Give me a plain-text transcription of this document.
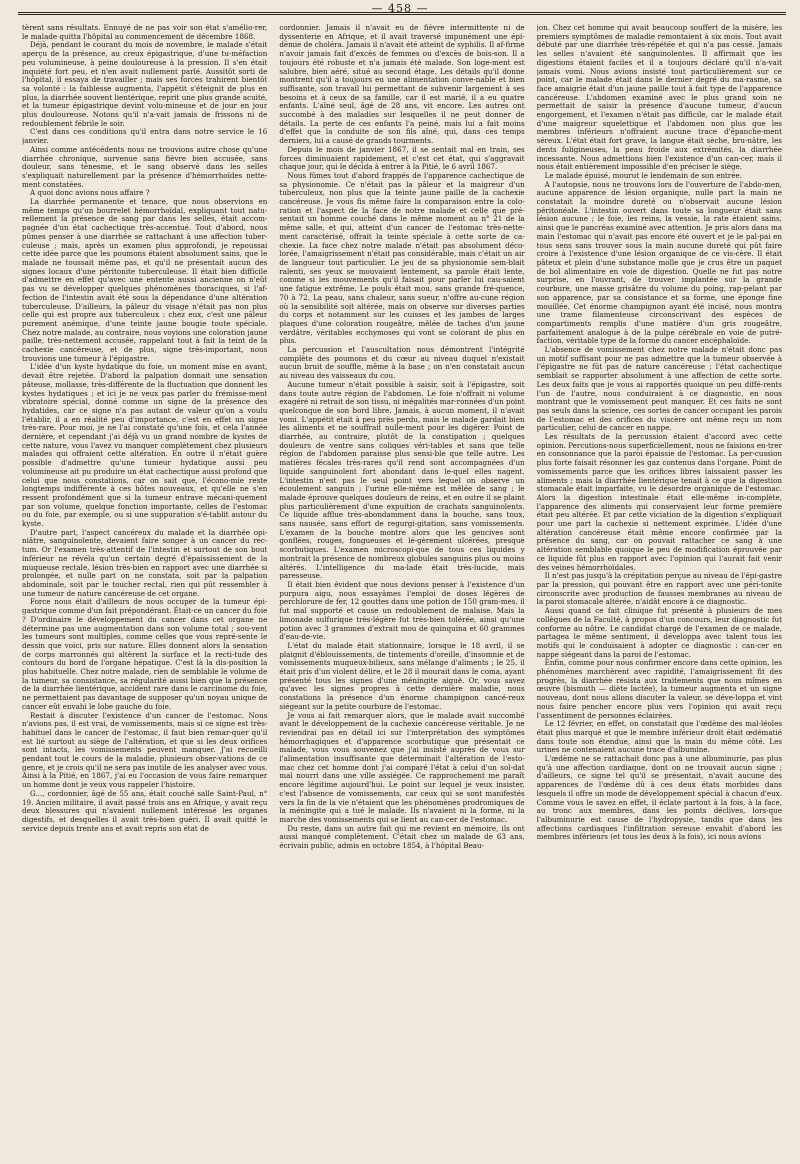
— 458 —

tèrent sans résultats. Ennuyé de ne pas voir son état s'amélio-rer, le malade quitta l'hôpital au commencement de décembre 1868.

Déjà, pendant le courant du mois de novembre, le malade s'était aperçu de la présence, au creux épigastrique, d'une tu-méfaction peu volumineuse, à peine douloureuse à la pression. Il s'en était inquiété fort peu, et n'en avait nullement parlé. Aussitôt sorti de l'hôpital, il essaya de travailler ; mais ses forces trahirent bientôt sa volonté : la faiblesse augmenta, l'appétit s'éteignit de plus en plus, la diarrhée souvent lientérique, reprit une plus grande acuité, et la tumeur épigastrique devint volu-mineuse et de jour en jour plus douloureuse. Notons qu'il n'a-vait jamais de frissons ni de redoublement fébrile le soir.

C'est dans ces conditions qu'il entra dans notre service le 16 janvier.

Ainsi comme antécédents nous ne trouvions autre chose qu'une diarrhée chronique, survenue sans fièvre bien accusée, sans douleur, sans ténesme, et le sang observé dans les selles s'expliquait naturellement par la présence d'hémorrhoïdes nette-ment constatées.

A quoi donc avions nous affaire ?

La diarrhée permanente et tenace, que nous observions en même temps qu'un bourrelet hémorrhoïdal, expliquant tout natu-rellement la présence de sang par dans les selles, était accom-pagnée d'un état cachectique très-accentué. Tout d'abord, nous pûmes penser à une diarrhée se rattachant à une affection tuber-culeuse ; mais, après un examen plus approfondi, je repoussai cette idée parce que les poumons étaient absolument sains, que le malade ne toussait même pas, et qu'il ne présentait aucun des signes locaux d'une péritonite tuberculeuse. Il était bien difficile d'admettre en effet qu'avec une entente aussi ancienne on n'eût pas vu se développer quelques phénomènes thoraciques, si l'af-fection de l'intestin avait été sous la dépendance d'une altération tuberculeuse. D'ailleurs, la pâleur du visage n'était pas non plus celle qui est propre aux tuberculeux : chez eux, c'est une pâleur purement anémique, d'une teinte jaune bougie toute spéciale. Chez notre malade, au contraire, nous voyions une coloration jaune paille, très-nettement accusée, rappelant tout à fait la teint de la cachexie cancéreuse, et de plus, signe très-important, nous trouvions une tumeur à l'épigastre.

L'idée d'un kyste hydatique du foie, un moment mise en avant, devait être rejetée. D'abord la palpation donnait une sensation pâteuse, mollasse, très-différente de la fluctuation que donnent les kystes hydatiques ; et ici je ne veux pas parler du frémisse-ment vibratoire spécial, donné comme un signe de la présence des hydatides, car ce signe n'a pas autant de valeur qu'on a voulu l'établir, il a en réalité peu d'importance, c'est en effet un signe très-rare. Pour moi, je ne l'ai constaté qu'une fois, et cela l'année dernière, et cependant j'ai déjà vu un grand nombre de kystes de cette nature, vous l'avez vu manquer complètement chez plusieurs malades qui offraient cette altération. En outre il n'était guère possible d'admettre qu'une tumeur hydatique aussi peu volumineuse ait pu produire un état cachectique aussi profond que celui que nous constations, car on sait que, l'écono-mie reste longtemps indifférente à ces hôtes nouveaux, et qu'elle ne s'en ressent profondément que si la tumeur entrave mécani-quement par son volume, quelque fonction importante, celles de l'estomac ou du foie, par exemple, ou si une suppuration s'é-tablit autour du kyste.

D'autre part, l'aspect cancéreux du malade et la diarrhée opi-niâtre, sanguinolente, devaient faire songer à un cancer du rec-tum. Or l'examen très-attentif de l'intestin et surtout de son bout inférieur ne révéla qu'un certain degré d'épaississement de la muqueuse rectale, lésion très-bien en rapport avec une diarrhée si prolongée, et nulle part on ne constata, soit par la palpation abdominale, soit par le toucher rectal, rien qui pût ressembler à une tumeur de nature cancéreuse de cet organe.

Force nous était d'ailleurs de nous occuper de la tumeur épi-gastrique comme d'un fait prépondérant. Était-ce un cancer du foie ? D'ordinaire le développement du cancer dans cet organe ne détermine pas une augmentation dans son volume total ; sou-vent les tumeurs sont multiples, comme celles que vous repré-sente le dessin que voici, pris sur nature. Elles donnent alors la sensation de corps marronnés qui altèrent la surface et la recti-tude des contours du bord de l'organe hépatique. C'est là la dis-position la plus habituelle. Chez notre malade, rien de semblable le volume de la tumeur, sa consistance, sa régularité aussi bien que la présence de la diarrhée lientérique, accident rare dans le carcinome du foie, ne permettaient pas davantage de supposer qu'un noyau unique de cancer eût envahi le lobe gauche du foie.

Restait à discuter l'existence d'un cancer de l'estomac. Nous n'avions pas, il est vrai, de vomissements, mais si ce signe est très-habituel dans le cancer de l'estomac, il faut bien remar-quer qu'il est lié surtout au siège de l'altération, et que si les deux orifices sont intacts, les vomissements peuvent manquer. J'ai recueilli pendant tout le cours de la maladie, plusieurs obser-vations de ce genre, et je crois qu'il ne sera pas inutile de les analyser avec vous. Ainsi à la Pitié, en 1867, j'ai eu l'occasion de vous faire remarquer un homme dont je veux vous rappeler l'histoire.

G..., cordonnier, âgé de 55 ans, était couché salle Saint-Paul, n° 19. Ancien militaire, il avait passé trois ans en Afrique, y avait reçu deux blessures qui n'avaient nullement intéressé les organes digestifs, et desquelles il avait très-bien guéri. Il avait quitté le service depuis trente ans et avait repris son état de

cordonnier. Jamais il n'avait eu de fièvre intermittente ni de dyssenterie en Afrique, et il avait traversé impunément une épi-démie de choléra. Jamais il n'avait été atteint de syphilis. Il af-firme n'avoir jamais fait d'excès de femmes ou d'excès de bois-son. Il a toujours été robuste et n'a jamais été malade. Son loge-ment est salubre, bien aéré, situé au second étage. Les détails qu'il donne montrent qu'il a toujours eu une alimentation conve-nable et bien suffisante, son travail lui permettant de subvenir largement à ses besoins et à ceux de sa famille, car il est marié, il a eu quatre enfants. L'aîné seul, âgé de 28 ans, vit encore. Les autres ont succombé à des maladies sur lesquelles il ne peut donner de détails. La perte de ces enfants l'a peiné, mais lui a fait moins d'effet que la conduite de son fils aîné, qui, dans ces temps derniers, lui a causé de grands tourments.

Depuis le mois de janvier 1867, il se sentait mal en train, ses forces diminuaient rapidement, et c'est cet état, qui s'aggravait chaque jour, qui le décida à entrer à la Pitié, le 6 avril 1867.

Nous fûmes tout d'abord frappés de l'apparence cachectique de sa physionomie. Ce n'était pas la pâleur et la maigreur d'un tuberculeux, non plus que la teinte jaune paille de la cachexie cancéreuse. Je vous fis même faire la comparaison entre la colo-ration et l'aspect de la face de notre malade et celle que pré-sentait un homme couché dans le même moment au n° 21 de la même salle, et qui, atteint d'un cancer de l'estomac très-nette-ment caractérisé, offrait la teinte spéciale à cette sorte de ca-chexie. La face chez notre malade n'était pas absolument déco-lorée, l'amaigrissement n'était pas considérable, mais c'était un air de langueur tout particulier. Le jeu de sa physionomie sem-blait ralenti, ses yeux se mouvaient lentement, sa parole était lente, comme si les mouvements qu'il faisait pour parler lui cau-saient une fatigue extrême. Le pouls était mou, sans grande fré-quence, 70 à 72. La peau, sans chaleur, sans sueur, n'offre au-cune région où la sensibilité soit altérée, mais on observe sur diverses parties du corps et notamment sur les cuisses et les jambes de larges plaques d'une coloration rougeâtre, mêlée de taches d'un jaune verdâtre, véritables ecchymoses qui vont se colorant de plus en plus.

La percussion et l'auscultation nous démontrent l'intégrité complète des poumons et du cœur au niveau duquel n'existait aucun bruit de souffle, même à la base ; on n'en constatait aucun au niveau des vaisseaux du cou.

Aucune tumeur n'était possible à saisir, soit à l'épigastre, soit dans toute autre région de l'abdomen. Le foie n'offrait ni volume exagéré ni retrait de son tissu, ni inégalités mar-ronnées d'un point quelconque de son bord libre. Jamais, à aucun moment, il n'avait vomi. L'appétit était à peu près perdu, mais le malade gardait bien les aliments et ne souffrait nulle-ment pour les digérer. Point de diarrhée, au contraire, plutôt de la constipation ; quelques douleurs de ventre sans coliques véri-tables et sans que telle région de l'abdomen paraisse plus sensi-ble que telle autre. Les matières fécales très-rares qu'il rend sont accompagnées d'un liquide sanguinolent fort abondant dans le-quel elles nagent. L'intestin n'est pas le seul point vers lequel on observe un écoulement sanguin ; l'urine elle-même est mêlée de sang ; le malade éprouve quelques douleurs de reins, et en outre il se plaint plus particulièrement d'une expuition de crachats sanguinolents. Ce liquide affluе très-abondamment dans la bouche, sans toux, sans nausée, sans effort de regurgi-gitation, sans vomissements. L'examen de la bouche montre alors que les gencives sont gonflées, rouges, fongueuses et lé-gèrement ulcérées, presque scorbutiques. L'examen microscopi-que de tous ces liquides y montrait la présence de nombreux globules sanguins plus ou moins altérés. L'intelligence du ma-lade était très-lucide, mais paresseuse.

Il était bien évident que nous devions penser à l'existence d'un purpura aigu, nous essayâmes l'emploi de doses légères de perchlorure de fer, 12 gouttes dans une potion de 150 gram-mes, il fut mal supporté et cause un redoublement de malaise. Mais la limonade sulfurique très-légère fut très-bien tolérée, ainsi qu'une potion avec 3 grammes d'extrait mou de quinquina et 60 grammes d'eau-de-vie.

L'état du malade était stationnaire, lorsque le 18 avril, il se plaignit d'éblouissements, de tintements d'oreille, d'insomnie et de vomissements muqueux-bilieux, sans mélange d'aliments ; le 25, il était pris d'un violent délire, et le 28 il mourait dans le coma, ayant présenté tous les signes d'une méningite aiguë. Or, vous savez qu'avec les signes propres à cette dernière maladie, nous constations la présence d'un énorme champignon cancé-reux siégeant sur la petite courbure de l'estomac.

Je vous ai fait remarquer alors, que le malade avait succombé avant le développement de la cachexie cancéreuse véritable. Je ne reviendrai pas en détail ici sur l'interprétation des symptômes hémorrhagiques et d'apparence scorbutique que présentait ce malade, vous vous souvenez que j'ai insisté auprès de vous sur l'alimentation insuffisante que déterminait l'altération de l'esto-mac chez cet homme dont j'ai comparé l'état à celui d'un sol-dat mal nourri dans une ville assiégée. Ce rapprochement me paraît encore légitime aujourd'hui. Le point sur lequel je veux insister, c'est l'absence de vomissements, car ceux qui se sont manifestés vers la fin de la vie n'étaient que les phénomènes prodromiques de la méningite qui a tué le malade. Ils n'avaient ni la forme, ni la marche des vomissements qui se lient au can-cer de l'estomac.

Du reste, dans un autre fait qui me revient en mémoire, ils ont aussi manqué complètement. C'était chez un malade de 63 ans, écrivain public, admis en octobre 1854, à l'hôpital Beau-

jon. Chez cet homme qui avait beaucoup souffert de la misère, les premiers symptômes de maladie remontaient à six mois. Tout avait débuté par une diarrhée très-répétée et qui n'a pas cessé. Jamais les selles n'avaient été sanguinolentes. Il affirmait que les digestions étaient faciles et il a toujours déclaré qu'il n'a-vait jamais vomi. Nous avions insisté tout particulièrement sur ce point, car le malade était dans le dernier degré du ma-rasme, sa face amaigrie était d'un jaune paille tout à fait type de l'apparence cancéreuse. L'abdomen examiné avec le plus grand soin ne permettait de saisir la présence d'aucune tumeur, d'aucun engorgement, et l'examen n'était pas difficile, car le malade était d'une maigreur squelettique et l'abdomen non plus que les membres inférieurs n'offraient aucune trace d'épanche-ment séreux. L'état était fort grave, la langue était sèche, bru-nâtre, les dents fuligineuses, la peau froide aux extrémités, la diarrhée incessante. Nous admettions bien l'existence d'un can-cer, mais il nous était entièrement impossible d'en préciser le siège.

Le malade épuisé, mourut le lendemain de son entrée.

A l'autopsie, nous ne trouvons lors de l'ouverture de l'abdo-men, aucune apparence de lésion organique, nulle part la main ne constatait la moindre dureté ou n'observait aucune lésion péritonéale. L'intestin ouvert dans toute sa longueur était sans lésion aucune ; le foie, les reins, la vessie, la rate étaient sains, ainsi que le pancréas examiné avec attention. Je pris alors dans ma main l'estomac qui n'avait pas encore été ouvert et je le pal-pai en tous sens sans trouver sous la main aucune dureté qui pût faire croire à l'existence d'une lésion organique de ce vis-cère. Il était pâteux et plein d'une substance molle que je crus être un paquet de bol alimentaire en voie de digestion. Quelle ne fut pas notre surprise, en l'ouvrant, de trouver implantée sur la grande courbure, une masse grisâtre du volume du poing, rap-pelant par son apparence, par sa consistance et sa forme, une éponge fine mouillée. Cet énorme champignon ayant été incisé, nous montra une trame filamenteuse circonscrivant des espèces de compartiments remplis d'une matière d'un gris rougeâtre, parfaitement analogue à de la pulpe cérébrale en voie de putré-faction, véritable type de la forme du cancer encéphaloïde.

L'absence de vomissement chez notre malade n'était donc pas un motif suffisant pour ne pas admettre que la tumeur observée à l'épigastre ne fût pas de nature cancéreuse ; l'état cachectique semblait se rapporter absolument à une affection de cette sorte. Les deux faits que je vous ai rapportés quoique un peu diffé-rents l'un de l'autre, nous conduiraient à ce diagnostic, en nous montrant que le vomissement peut manquer. Et ces faits ne sont pas seuls dans la science, ces sortes de cancer occupant les parois de l'estomac et des orifices du viscère ont même reçu un nom particulier, celui de cancer en nappe.

Les résultats de la percussion étaient d'accord avec cette opinion. Percutions-nous superficiellement, nous ne faisions en-trer en consonnance que la paroi épaissie de l'estomac. La per-cussion plus forte faisait résonner les gaz contenus dans l'organe. Point de vomissements parce que les orifices libres laissaient passer les aliments ; mais la diarrhée lientérique tenait à ce que la digestion stomacale était imparfaite, vu le désordre organique de l'estomac. Alors la digestion intestinale était elle-même in-complète, l'apparence des aliments qui conservaient leur forme première était peu altérée. Et par cette viciation de la digestion s'expliquait pour une part la cachexie si nettement exprimée. L'idée d'une altération cancéreuse était même encore confirmée par la présence du sang, car on pouvait rattacher ce sang à une altération semblable quoique le peu de modification éprouvée par ce liquide fût plus en rapport avec l'opinion qui l'aurait fait venir des veines hémorrhoïdales.

Il n'est pas jusqu'à la crépitation perçue au niveau de l'épi-gastre par la pression, qui pouvant être en rapport avec une péri-tonite circonscrite avec production de fausses membranes au niveau de la paroi stomacale altérée, n'aidât encore à ce diagnostic.

Aussi quand ce fait clinique fut présenté à plusieurs de mes collègues de la Faculté, à propos d'un concours, leur diagnostic fut conforme au nôtre. Le candidat chargé de l'examen de ce malade, partagea le même sentiment, il développa avec talent tous les motifs qui le conduisaient à adopter ce diagnostic : can-cer en nappe siégeant dans la paroi de l'estomac.

Enfin, comme pour nous confirmer encore dans cette opinion, les phénomènes marchèrent avec rapidité, l'amaigrissement fit des progrès, la diarrhée résista aux traitements que nous mîmes en œuvre (bismuth — diète lactée), la tumeur augmenta et un signe nouveau, dont nous allons discuter la valeur, se déve-loppa et vint nous faire pencher encore plus vers l'opinion qui avait reçu l'assentiment de personnes éclairées.

Le 12 février, en effet, on constatait que l'œdème des mal-léoles était plus marqué et que le membre inférieur droit était œdématié dans toute son étendue, ainsi que la main du même côté. Les urines ne contenaient aucune trace d'albumine.

L'œdème ne se rattachait donc pas à une albuminurie, pas plus qu'à une affection cardiaque, dont on ne trouvait aucun signe ; d'ailleurs, ce signe tel qu'il se présentait, n'avait aucune des apparences de l'œdème dû à ces deux états morbides dans lesquels il offre un mode de développement spécial à chacun d'eux. Comme vous le savez en effet, il éclate partout à la fois, à la face, au tronc aux membres, dans les points déclives, lors-que l'albuminurie est cause de l'hydropysie, tandis que dans les affections cardiaques l'infiltration séreuse envahit d'abord les membres inférieurs (et tous les deux à la fois), ici nous avions
